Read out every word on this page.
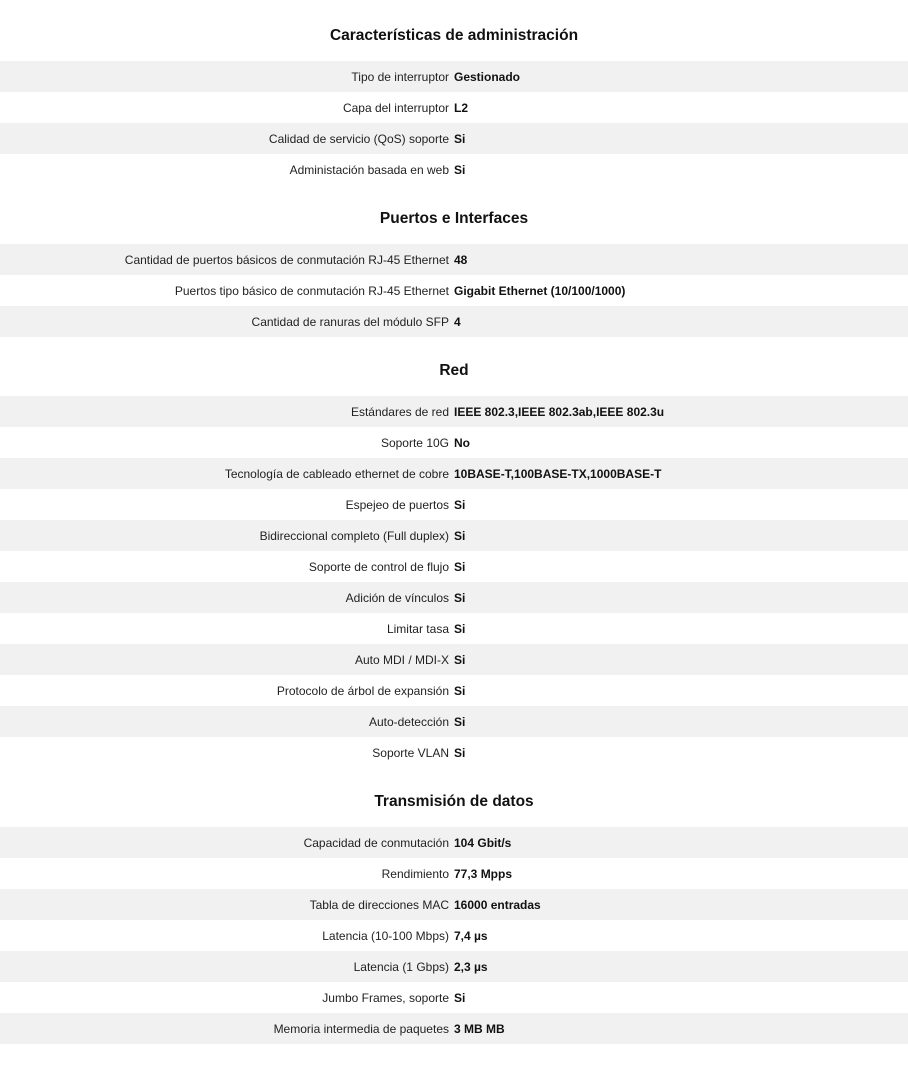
Características de administración
Tipo de interruptor Gestionado
Capa del interruptor L2
Calidad de servicio (QoS) soporte Si
Administación basada en web Si
Puertos e Interfaces
Cantidad de puertos básicos de conmutación RJ-45 Ethernet 48
Puertos tipo básico de conmutación RJ-45 Ethernet Gigabit Ethernet (10/100/1000)
Cantidad de ranuras del módulo SFP 4
Red
Estándares de red IEEE 802.3,IEEE 802.3ab,IEEE 802.3u
Soporte 10G No
Tecnología de cableado ethernet de cobre 10BASE-T,100BASE-TX,1000BASE-T
Espejeo de puertos Si
Bidireccional completo (Full duplex) Si
Soporte de control de flujo Si
Adición de vínculos Si
Limitar tasa Si
Auto MDI / MDI-X Si
Protocolo de árbol de expansión Si
Auto-detección Si
Soporte VLAN Si
Transmisión de datos
Capacidad de conmutación 104 Gbit/s
Rendimiento 77,3 Mpps
Tabla de direcciones MAC 16000 entradas
Latencia (10-100 Mbps) 7,4 µs
Latencia (1 Gbps) 2,3 µs
Jumbo Frames, soporte Si
Memoria intermedia de paquetes 3 MB MB
